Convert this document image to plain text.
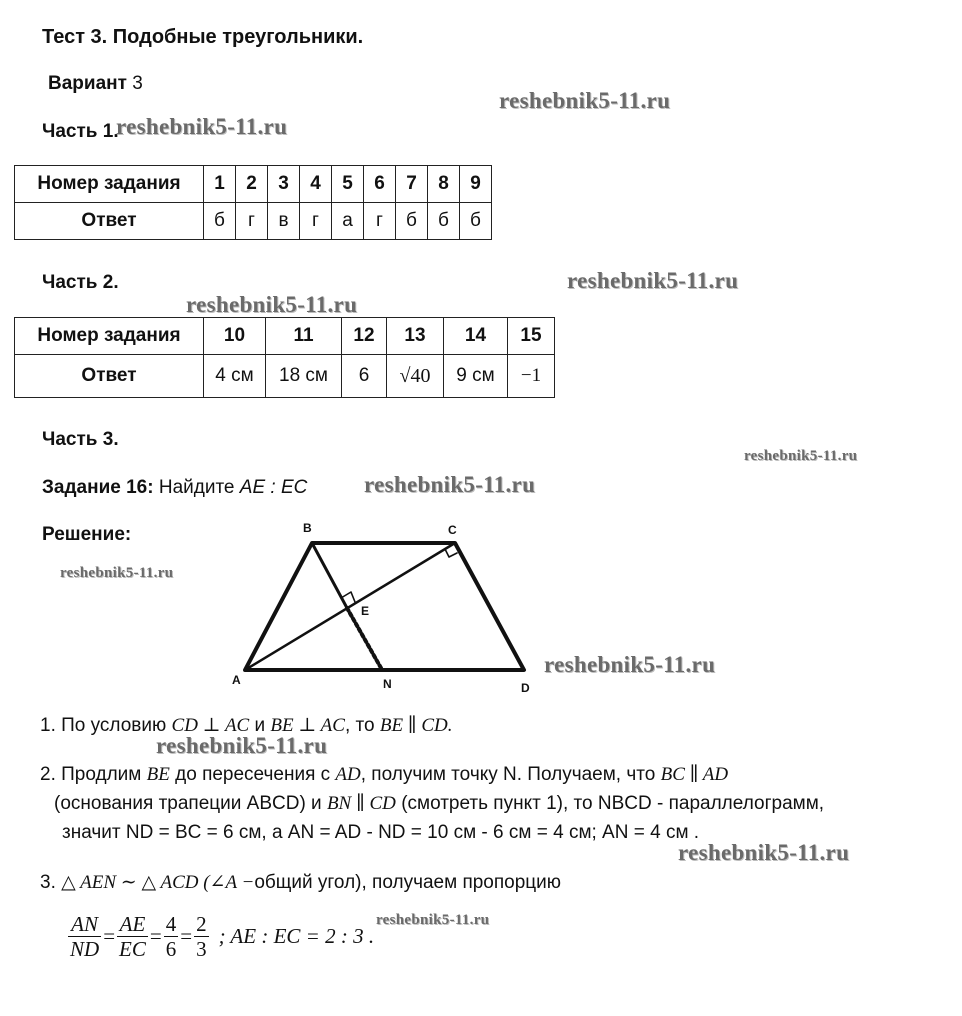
Тест 3. Подобные треугольники.
Вариант 3
Часть 1.
Номер задания	1	2	3	4	5	6	7	8	9
Ответ	б	г	в	г	а	г	б	б	б
Часть 2.
Номер задания	10	11	12	13	14	15
Ответ	4 см	18 см	6	√40	9 см	−1
Часть 3.
Задание 16: Найдите AE : EC
Решение:	B	C
E
A	N	D
1. По условию CD ⊥ AC и BE ⊥ AC, то BE ∥ CD.
2. Продлим BE до пересечения с AD, получим точку N. Получаем, что BC ∥ AD
(основания трапеции ABCD) и BN ∥ CD (смотреть пункт 1), то NBCD - параллелограмм,
значит ND = BC = 6 см, а AN = AD - ND = 10 см - 6 см = 4 см; AN = 4 см .
3. △ AEN ∼ △ ACD (∠A −общий угол), получаем пропорцию
$\frac{AN}{ND} = \frac{AE}{EC} = \frac{4}{6} = \frac{2}{3}$ ; AE : EC = 2 : 3 .
reshebnik5-11.ru
reshebnik5-11.ru
reshebnik5-11.ru
reshebnik5-11.ru
reshebnik5-11.ru
reshebnik5-11.ru
reshebnik5-11.ru
reshebnik5-11.ru
reshebnik5-11.ru
reshebnik5-11.ru
reshebnik5-11.ru
